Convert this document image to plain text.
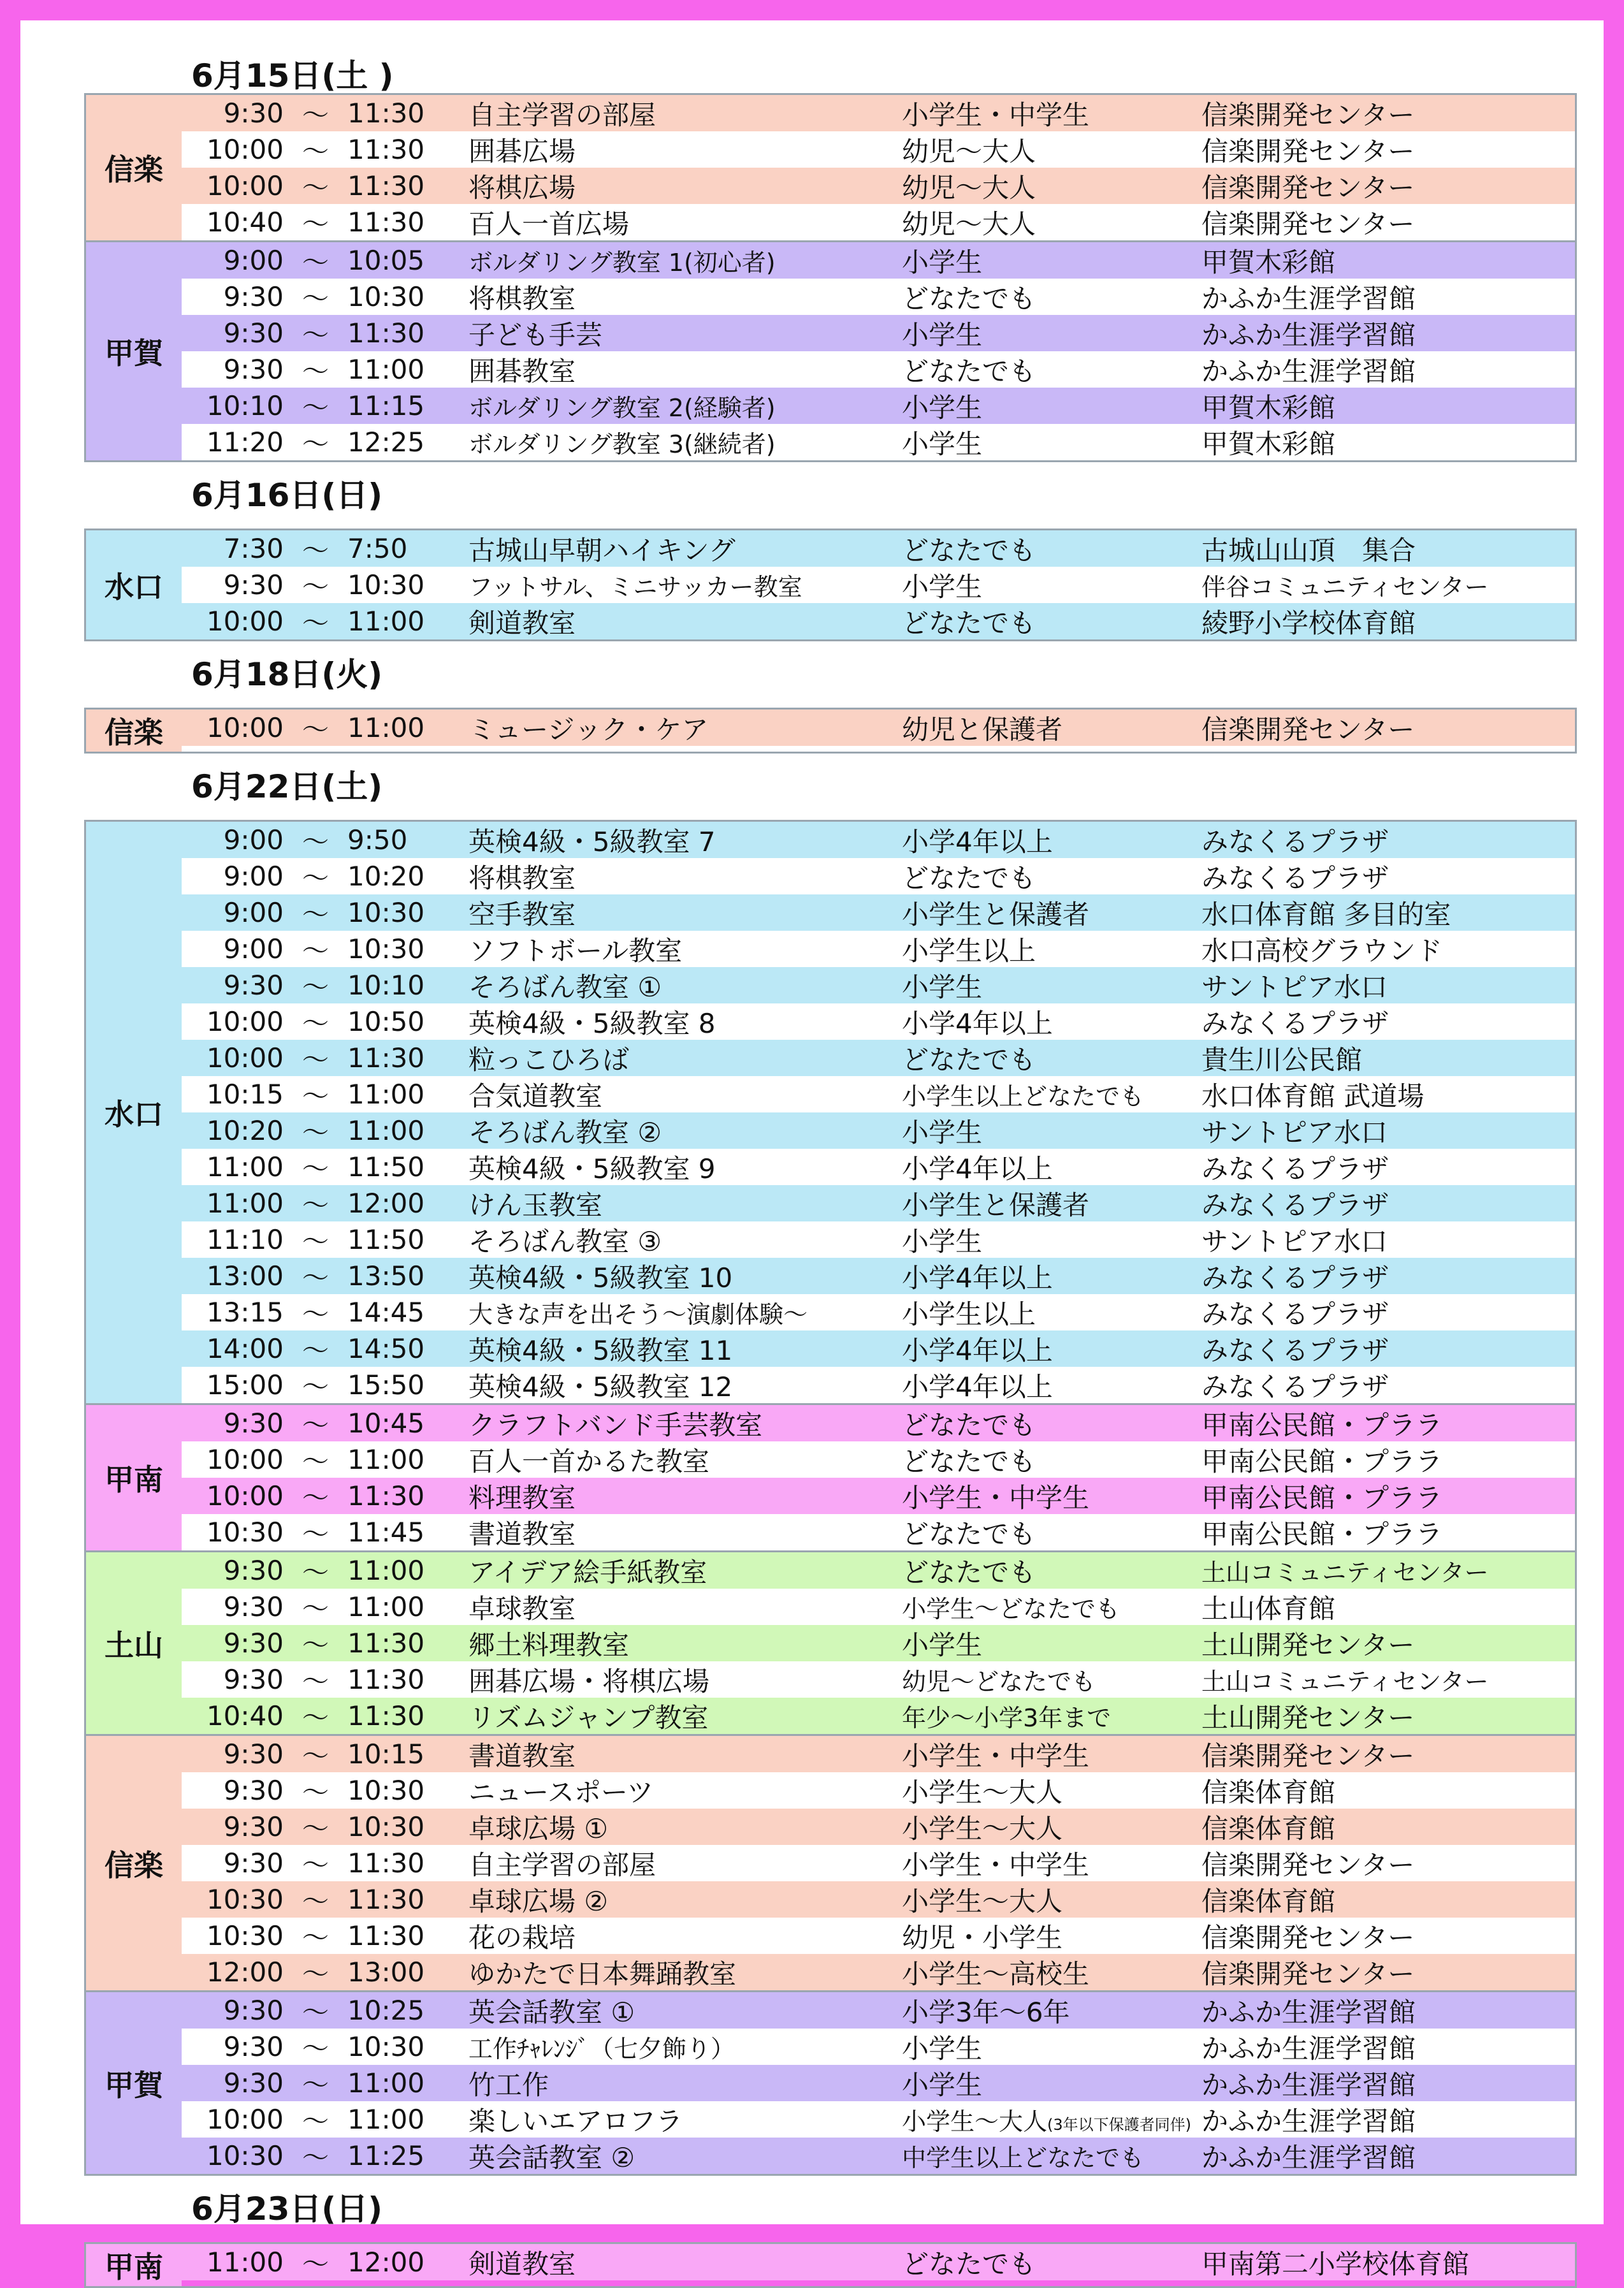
6月15日(土 )
信楽
9:30 ～ 11:30	自主学習の部屋	小学生・中学生	信楽開発センター
10:00 ～ 11:30	囲碁広場	幼児～大人	信楽開発センター
10:00 ～ 11:30	将棋広場	幼児～大人	信楽開発センター
10:40 ～ 11:30	百人一首広場	幼児～大人	信楽開発センター
甲賀
9:00 ～ 10:05	ボルダリング教室 1(初心者)	小学生	甲賀木彩館
9:30 ～ 10:30	将棋教室	どなたでも	かふか生涯学習館
9:30 ～ 11:30	子ども手芸	小学生	かふか生涯学習館
9:30 ～ 11:00	囲碁教室	どなたでも	かふか生涯学習館
10:10 ～ 11:15	ボルダリング教室 2(経験者)	小学生	甲賀木彩館
11:20 ～ 12:25	ボルダリング教室 3(継続者)	小学生	甲賀木彩館
6月16日(日)
水口
7:30 ～ 7:50	古城山早朝ハイキング	どなたでも	古城山山頂　集合
9:30 ～ 10:30	フットサル、ミニサッカー教室	小学生	伴谷コミュニティセンター
10:00 ～ 11:00	剣道教室	どなたでも	綾野小学校体育館
6月18日(火)
信楽	10:00 ～ 11:00	ミュージック・ケア	幼児と保護者	信楽開発センター
6月22日(土)
水口
9:00 ～ 9:50	英検4級・5級教室 7	小学4年以上	みなくるプラザ
9:00 ～ 10:20	将棋教室	どなたでも	みなくるプラザ
9:00 ～ 10:30	空手教室	小学生と保護者	水口体育館 多目的室
9:00 ～ 10:30	ソフトボール教室	小学生以上	水口高校グラウンド
9:30 ～ 10:10	そろばん教室 ①	小学生	サントピア水口
10:00 ～ 10:50	英検4級・5級教室 8	小学4年以上	みなくるプラザ
10:00 ～ 11:30	粒っこひろば	どなたでも	貴生川公民館
10:15 ～ 11:00	合気道教室	小学生以上どなたでも	水口体育館 武道場
10:20 ～ 11:00	そろばん教室 ②	小学生	サントピア水口
11:00 ～ 11:50	英検4級・5級教室 9	小学4年以上	みなくるプラザ
11:00 ～ 12:00	けん玉教室	小学生と保護者	みなくるプラザ
11:10 ～ 11:50	そろばん教室 ③	小学生	サントピア水口
13:00 ～ 13:50	英検4級・5級教室 10	小学4年以上	みなくるプラザ
13:15 ～ 14:45	大きな声を出そう～演劇体験～	小学生以上	みなくるプラザ
14:00 ～ 14:50	英検4級・5級教室 11	小学4年以上	みなくるプラザ
15:00 ～ 15:50	英検4級・5級教室 12	小学4年以上	みなくるプラザ
甲南
9:30 ～ 10:45	クラフトバンド手芸教室	どなたでも	甲南公民館・プララ
10:00 ～ 11:00	百人一首かるた教室	どなたでも	甲南公民館・プララ
10:00 ～ 11:30	料理教室	小学生・中学生	甲南公民館・プララ
10:30 ～ 11:45	書道教室	どなたでも	甲南公民館・プララ
土山
9:30 ～ 11:00	アイデア絵手紙教室	どなたでも	土山コミュニティセンター
9:30 ～ 11:00	卓球教室	小学生～どなたでも	土山体育館
9:30 ～ 11:30	郷土料理教室	小学生	土山開発センター
9:30 ～ 11:30	囲碁広場・将棋広場	幼児～どなたでも	土山コミュニティセンター
10:40 ～ 11:30	リズムジャンプ教室	年少～小学3年まで	土山開発センター
信楽
9:30 ～ 10:15	書道教室	小学生・中学生	信楽開発センター
9:30 ～ 10:30	ニュースポーツ	小学生～大人	信楽体育館
9:30 ～ 10:30	卓球広場 ①	小学生～大人	信楽体育館
9:30 ～ 11:30	自主学習の部屋	小学生・中学生	信楽開発センター
10:30 ～ 11:30	卓球広場 ②	小学生～大人	信楽体育館
10:30 ～ 11:30	花の栽培	幼児・小学生	信楽開発センター
12:00 ～ 13:00	ゆかたで日本舞踊教室	小学生～高校生	信楽開発センター
甲賀
9:30 ～ 10:25	英会話教室 ①	小学3年～6年	かふか生涯学習館
9:30 ～ 10:30	工作ﾁｬﾚﾝｼﾞ（七夕飾り）	小学生	かふか生涯学習館
9:30 ～ 11:00	竹工作	小学生	かふか生涯学習館
10:00 ～ 11:00	楽しいエアロフラ	小学生～大人(3年以下保護者同伴) かふか生涯学習館
10:30 ～ 11:25	英会話教室 ②	中学生以上どなたでも	かふか生涯学習館
6月23日(日)
甲南	11:00 ～ 12:00	剣道教室	どなたでも	甲南第二小学校体育館
